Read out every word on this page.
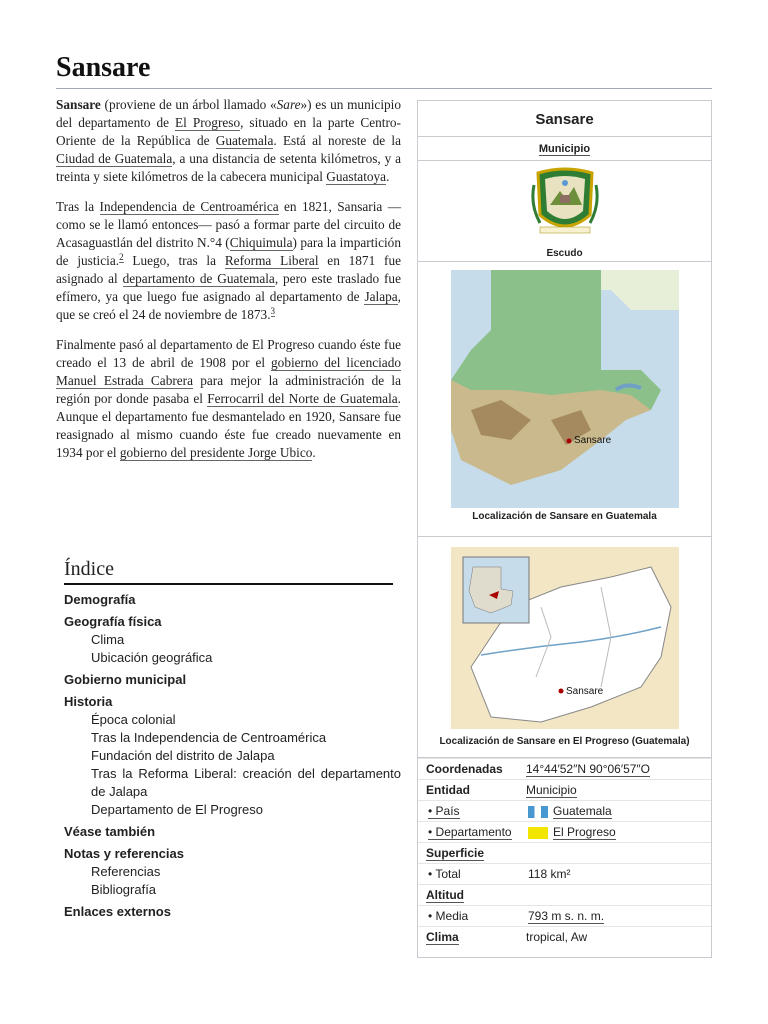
Sansare

Sansare (proviene de un árbol llamado «Sare») es un municipio del departamento de El Progreso, situado en la parte Centro-Oriente de la República de Guatemala. Está al noreste de la Ciudad de Guatemala, a una distancia de setenta kilómetros, y a treinta y siete kilómetros de la cabecera municipal Guastatoya.

Tras la Independencia de Centroamérica en 1821, Sansaria —como se le llamó entonces— pasó a formar parte del circuito de Acasaguastlán del distrito N.°4 (Chiquimula) para la impartición de justicia.$^2$ Luego, tras la Reforma Liberal en 1871 fue asignado al departamento de Guatemala, pero este traslado fue efímero, ya que luego fue asignado al departamento de Jalapa, que se creó el 24 de noviembre de 1873.$^3$

Finalmente pasó al departamento de El Progreso cuando éste fue creado el 13 de abril de 1908 por el gobierno del licenciado Manuel Estrada Cabrera para mejor la administración de la región por donde pasaba el Ferrocarril del Norte de Guatemala. Aunque el departamento fue desmantelado en 1920, Sansare fue reasignado al mismo cuando éste fue creado nuevamente en 1934 por el gobierno del presidente Jorge Ubico.

Índice
Demografía
Geografía física
Clima
Ubicación geográfica
Gobierno municipal
Historia
Época colonial
Tras la Independencia de Centroamérica
Fundación del distrito de Jalapa
Tras la Reforma Liberal: creación del departamento de Jalapa
Departamento de El Progreso
Véase también
Notas y referencias
Referencias
Bibliografía
Enlaces externos
Sansare
Municipio
Escudo
Sansare
Localización de Sansare en Guatemala
Sansare
Localización de Sansare en El Progreso (Guatemala)
Coordenadas	14°44′52″N 90°06′57″O
Entidad	Municipio
• País	Guatemala
• Departamento	El Progreso
Superficie
• Total	118 km²
Altitud
• Media	793 m s. n. m.
Clima	tropical, Aw
